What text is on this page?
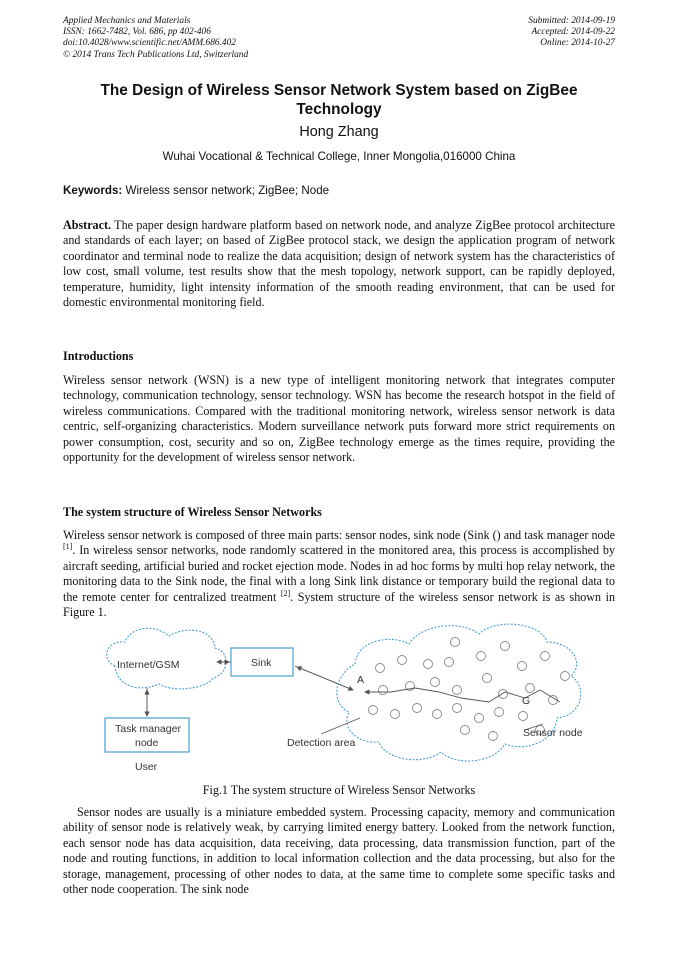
Applied Mechanics and Materials
ISSN: 1662-7482, Vol. 686, pp 402-406
doi:10.4028/www.scientific.net/AMM.686.402
© 2014 Trans Tech Publications Ltd, Switzerland
Submitted: 2014-09-19
Accepted: 2014-09-22
Online: 2014-10-27
The Design of Wireless Sensor Network System based on ZigBee Technology
Hong Zhang
Wuhai Vocational & Technical College, Inner Mongolia,016000 China
Keywords: Wireless sensor network; ZigBee; Node
Abstract. The paper design hardware platform based on network node, and analyze ZigBee protocol architecture and standards of each layer; on based of ZigBee protocol stack, we design the application program of network coordinator and terminal node to realize the data acquisition; design of network system has the characteristics of low cost, small volume, test results show that the mesh topology, network support, can be rapidly deployed, temperature, humidity, light intensity information of the smooth reading environment, that can be used for domestic environmental monitoring field.
Introductions
Wireless sensor network (WSN) is a new type of intelligent monitoring network that integrates computer technology, communication technology, sensor technology. WSN has become the research hotspot in the field of wireless communications. Compared with the traditional monitoring network, wireless sensor network is data centric, self-organizing characteristics. Modern surveillance network puts forward more strict requirements on power consumption, cost, security and so on, ZigBee technology emerge as the times require, providing the opportunity for the development of wireless sensor network.
The system structure of Wireless Sensor Networks
Wireless sensor network is composed of three main parts: sensor nodes, sink node (Sink () and task manager node [1]. In wireless sensor networks, node randomly scattered in the monitored area, this process is accomplished by aircraft seeding, artificial buried and rocket ejection mode. Nodes in ad hoc forms by multi hop relay network, the monitoring data to the Sink node, the final with a long Sink link distance or temporary build the regional data to the remote center for centralized treatment [2]. System structure of the wireless sensor network is as shown in Figure 1.
Internet/GSM	Sink
Task manager
node
User
A
G
Detection area
Sensor node
Fig.1 The system structure of Wireless Sensor Networks
Sensor nodes are usually is a miniature embedded system. Processing capacity, memory and communication ability of sensor node is relatively weak, by carrying limited energy battery. Looked from the network function, each sensor node has data acquisition, data receiving, data processing, data transmission function, part of the node and routing functions, in addition to local information collection and the data processing, but also for the storage, management, processing of other nodes to data, at the same time to complete some specific tasks and other node cooperation. The sink node
